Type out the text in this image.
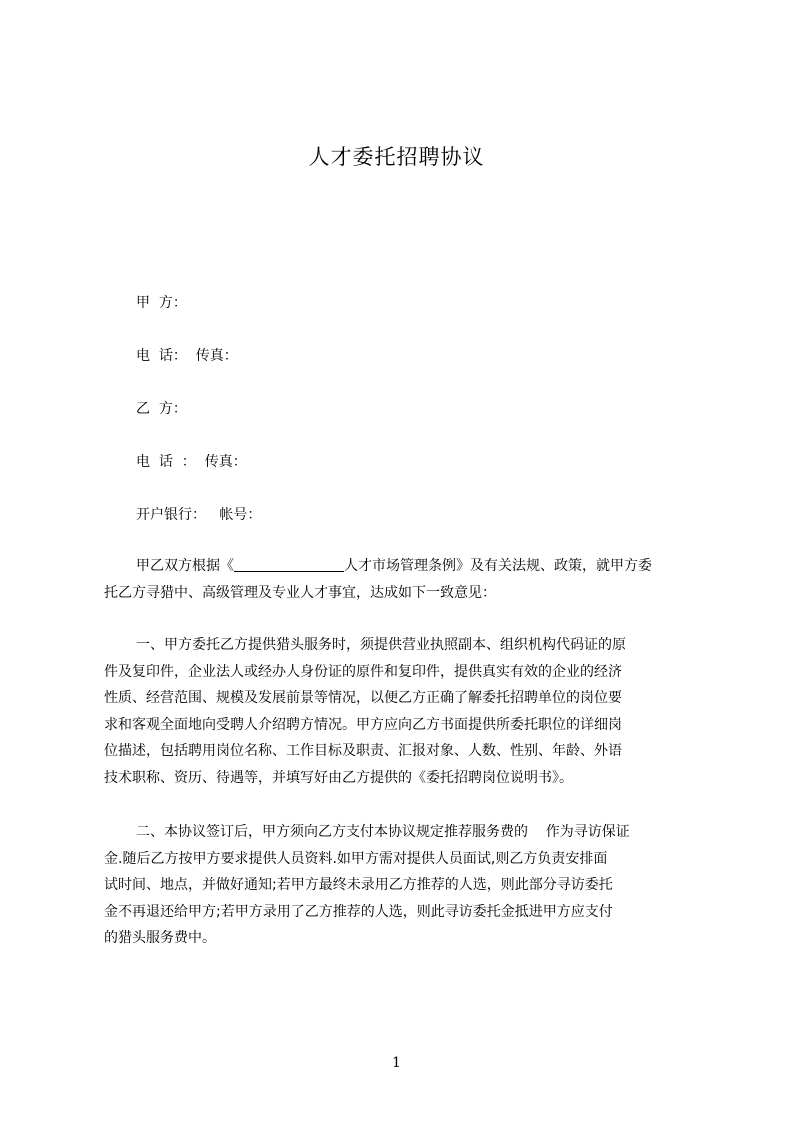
人才委托招聘协议
甲  方：
电  话：  传真：
乙  方：
电  话  ：  传真：
开户银行：   帐号：
甲乙双方根据《	人才市场管理条例》及有关法规、政策，就甲方委
托乙方寻猎中、高级管理及专业人才事宜，达成如下一致意见：
一、甲方委托乙方提供猎头服务时，须提供营业执照副本、组织机构代码证的原
件及复印件，企业法人或经办人身份证的原件和复印件，提供真实有效的企业的经济
性质、经营范围、规模及发展前景等情况，以便乙方正确了解委托招聘单位的岗位要
求和客观全面地向受聘人介绍聘方情况。甲方应向乙方书面提供所委托职位的详细岗
位描述，包括聘用岗位名称、工作目标及职责、汇报对象、人数、性别、年龄、外语
技术职称、资历、待遇等，并填写好由乙方提供的《委托招聘岗位说明书》。
二、本协议签订后，甲方须向乙方支付本协议规定推荐服务费的    作为寻访保证
金.随后乙方按甲方要求提供人员资料.如甲方需对提供人员面试,则乙方负责安排面
试时间、地点，并做好通知;若甲方最终未录用乙方推荐的人选，则此部分寻访委托
金不再退还给甲方;若甲方录用了乙方推荐的人选，则此寻访委托金抵进甲方应支付
的猎头服务费中。
1
